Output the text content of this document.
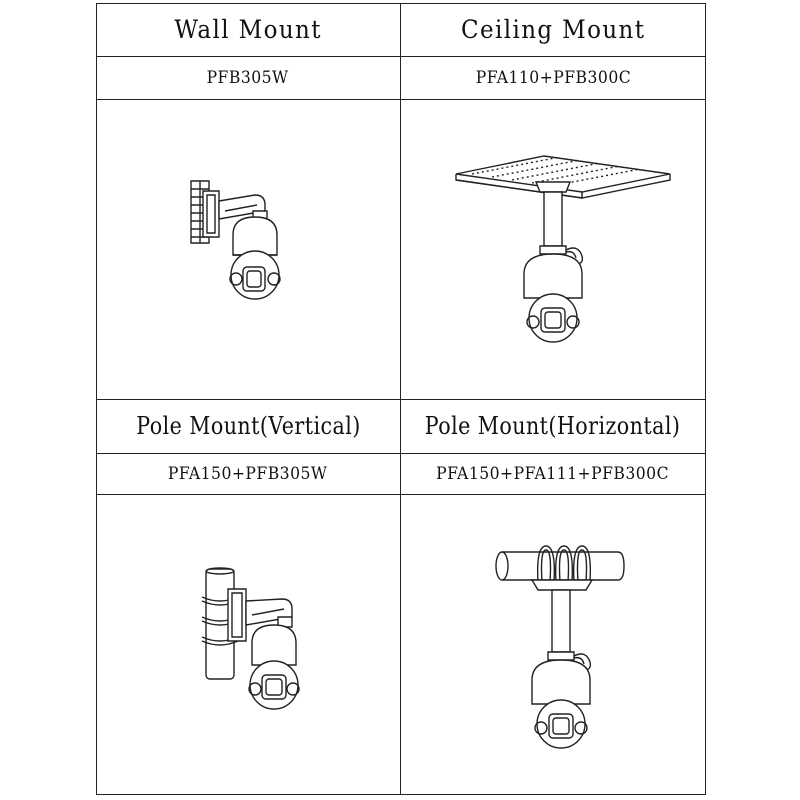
Wall Mount	Ceiling Mount
PFB305W	PFA110+PFB300C
Pole Mount(Vertical)	Pole Mount(Horizontal)
PFA150+PFB305W	PFA150+PFA111+PFB300C
